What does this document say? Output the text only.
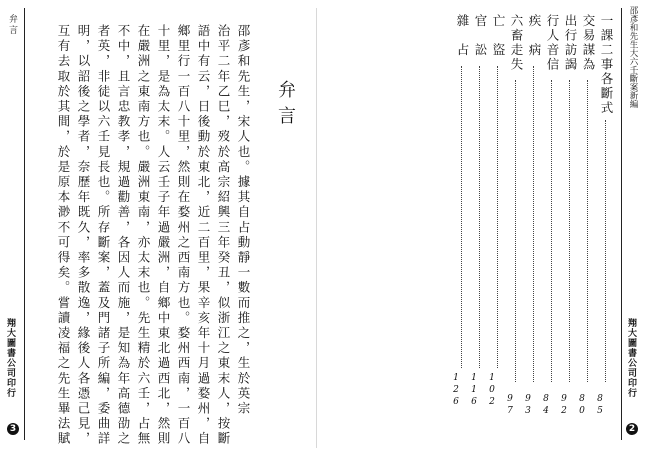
弁言
翔大圖書公司印行
3
弁言
邵彥和先生，宋人也。據其自占動靜一數而推之，生於英宗
治平二年乙巳，歿於高宗紹興三年癸丑，似浙江之東末人，按斷
語中有云，日後動於東北，近二百里，果辛亥年十月過婺州，自
鄉里行一百八十里，然則在婺州之西南方也。婺州西南，一百八
十里，是為太末。人云壬子年過嚴洲，自鄉中東北過西北，然則
在嚴洲之東南方也。嚴洲東南，亦太末也。先生精於六壬，占無
不中，且言忠教孝，規過勸善，各因人而施，是知為年高德劭之
者英，非徒以六壬見長也。所存斷案，蓋及門諸子所編，委曲詳
明，以詔後之學者，奈歷年既久，率多散逸，緣後人各憑己見，
互有去取於其間，於是原本渺不可得矣。嘗讀凌福之先生畢法賦	邵彥和先生大六壬斷案新編
翔大圖書公司印行
2
一課二事各斷式
8
5
交易謀為
8
0
出行訪謁
9
2
行人音信
8
4
疾　病
9
3
六畜走失
9
7
亡　盜
1
0
2
官　訟
1
1
6
雜　占
1
2
6
